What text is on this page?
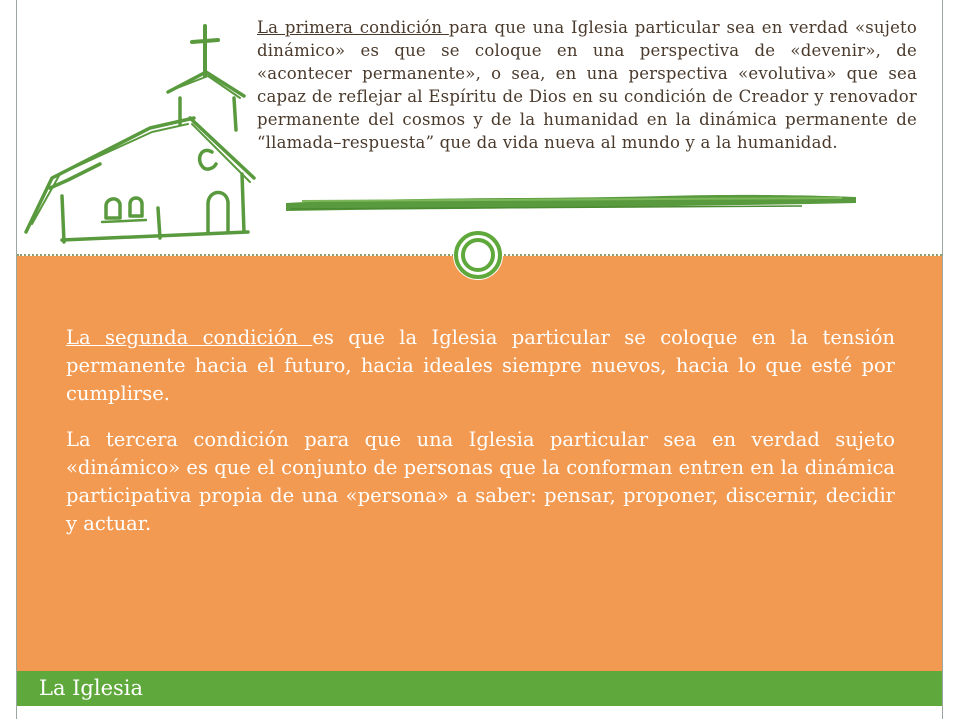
La primera condición para que una Iglesia particular sea en verdad «sujeto dinámico» es que se coloque en una perspectiva de «devenir», de «acontecer permanente», o sea, en una perspectiva «evolutiva» que sea capaz de reflejar al Espíritu de Dios en su condición de Creador y renovador permanente del cosmos y de la humanidad en la dinámica permanente de “llamada–respuesta” que da vida nueva al mundo y a la humanidad.

La segunda condición es que la Iglesia particular se coloque en la tensión permanente hacia el futuro, hacia ideales siempre nuevos, hacia lo que esté por cumplirse.

La tercera condición para que una Iglesia particular sea en verdad sujeto «dinámico» es que el conjunto de personas que la conforman entren en la dinámica participativa propia de una «persona» a saber: pensar, proponer, discernir, decidir y actuar.

La Iglesia
